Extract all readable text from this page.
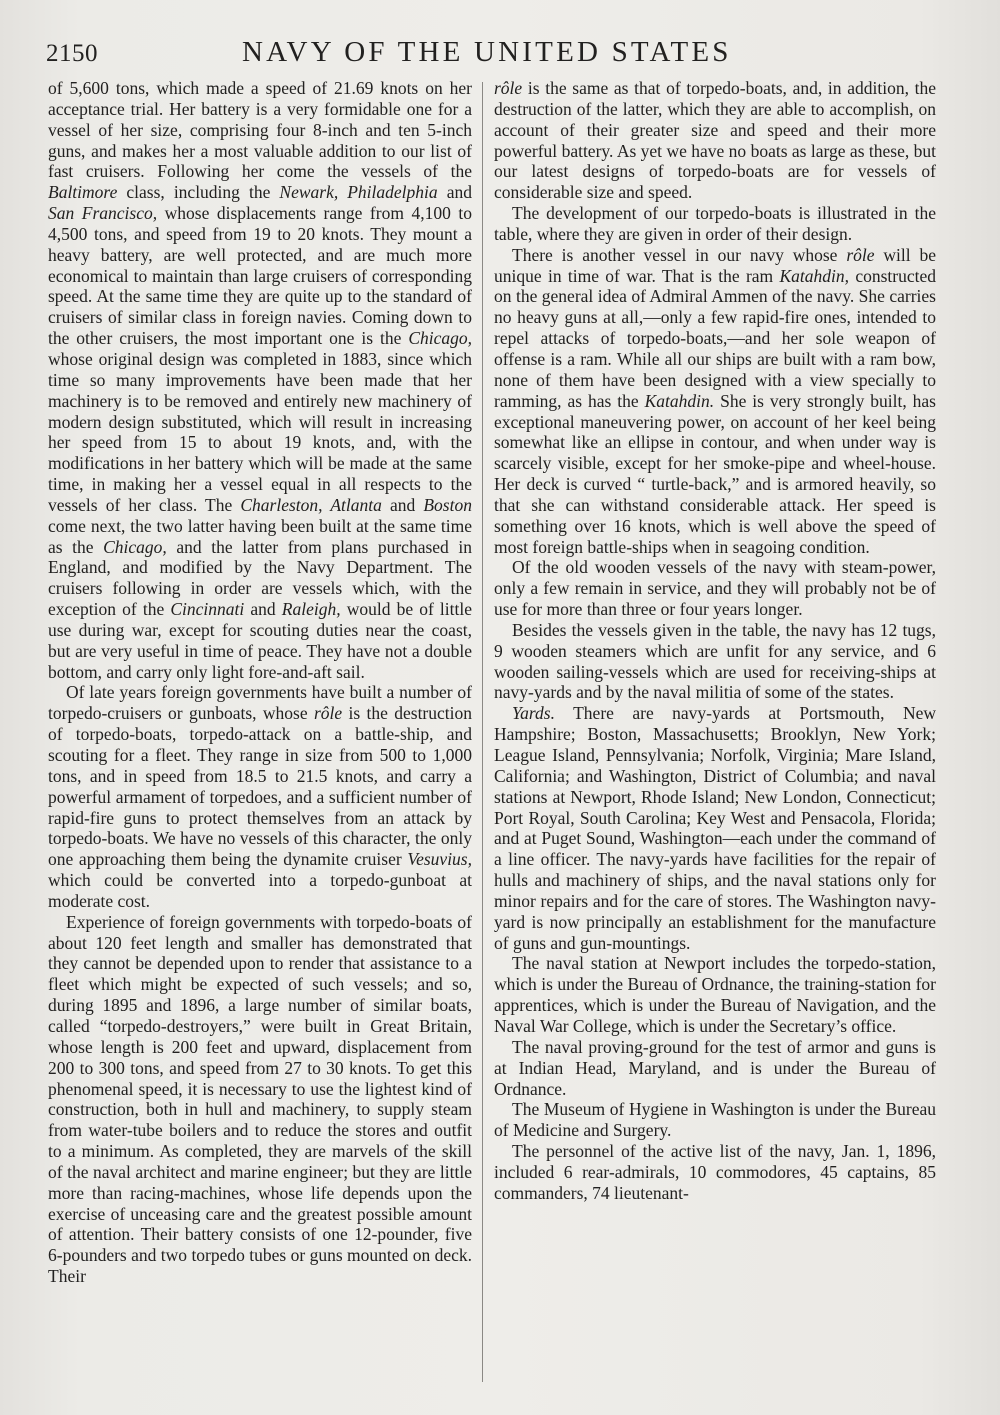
2150	NAVY OF THE UNITED STATES

of 5,600 tons, which made a speed of 21.69 knots on her acceptance trial. Her battery is a very formidable one for a vessel of her size, comprising four 8-inch and ten 5-inch guns, and makes her a most valuable addition to our list of fast cruisers. Following her come the vessels of the Baltimore class, including the Newark, Philadelphia and San Francisco, whose displacements range from 4,100 to 4,500 tons, and speed from 19 to 20 knots. They mount a heavy battery, are well protected, and are much more economical to maintain than large cruisers of corresponding speed. At the same time they are quite up to the standard of cruisers of similar class in foreign navies. Coming down to the other cruisers, the most important one is the Chicago, whose original design was completed in 1883, since which time so many improvements have been made that her machinery is to be removed and entirely new machinery of modern design substituted, which will result in increasing her speed from 15 to about 19 knots, and, with the modifications in her battery which will be made at the same time, in making her a vessel equal in all respects to the vessels of her class. The Charleston, Atlanta and Boston come next, the two latter having been built at the same time as the Chicago, and the latter from plans purchased in England, and modified by the Navy Department. The cruisers following in order are vessels which, with the exception of the Cincinnati and Raleigh, would be of little use during war, except for scouting duties near the coast, but are very useful in time of peace. They have not a double bottom, and carry only light fore-and-aft sail.

Of late years foreign governments have built a number of torpedo-cruisers or gunboats, whose rôle is the destruction of torpedo-boats, torpedo-attack on a battle-ship, and scouting for a fleet. They range in size from 500 to 1,000 tons, and in speed from 18.5 to 21.5 knots, and carry a powerful armament of torpedoes, and a sufficient number of rapid-fire guns to protect themselves from an attack by torpedo-boats. We have no vessels of this character, the only one approaching them being the dynamite cruiser Vesuvius, which could be converted into a torpedo-gunboat at moderate cost.

Experience of foreign governments with torpedo-boats of about 120 feet length and smaller has demonstrated that they cannot be depended upon to render that assistance to a fleet which might be expected of such vessels; and so, during 1895 and 1896, a large number of similar boats, called “torpedo-destroyers,” were built in Great Britain, whose length is 200 feet and upward, displacement from 200 to 300 tons, and speed from 27 to 30 knots. To get this phenomenal speed, it is necessary to use the lightest kind of construction, both in hull and machinery, to supply steam from water-tube boilers and to reduce the stores and outfit to a minimum. As completed, they are marvels of the skill of the naval architect and marine engineer; but they are little more than racing-machines, whose life depends upon the exercise of unceasing care and the greatest possible amount of attention. Their battery consists of one 12-pounder, five 6-pounders and two torpedo tubes or guns mounted on deck. Their

rôle is the same as that of torpedo-boats, and, in addition, the destruction of the latter, which they are able to accomplish, on account of their greater size and speed and their more powerful battery. As yet we have no boats as large as these, but our latest designs of torpedo-boats are for vessels of considerable size and speed.

The development of our torpedo-boats is illustrated in the table, where they are given in order of their design.

There is another vessel in our navy whose rôle will be unique in time of war. That is the ram Katahdin, constructed on the general idea of Admiral Ammen of the navy. She carries no heavy guns at all,—only a few rapid-fire ones, intended to repel attacks of torpedo-boats,—and her sole weapon of offense is a ram. While all our ships are built with a ram bow, none of them have been designed with a view specially to ramming, as has the Katahdin. She is very strongly built, has exceptional maneuvering power, on account of her keel being somewhat like an ellipse in contour, and when under way is scarcely visible, except for her smoke-pipe and wheel-house. Her deck is curved “ turtle-back,” and is armored heavily, so that she can withstand considerable attack. Her speed is something over 16 knots, which is well above the speed of most foreign battle-ships when in seagoing condition.

Of the old wooden vessels of the navy with steam-power, only a few remain in service, and they will probably not be of use for more than three or four years longer.

Besides the vessels given in the table, the navy has 12 tugs, 9 wooden steamers which are unfit for any service, and 6 wooden sailing-vessels which are used for receiving-ships at navy-yards and by the naval militia of some of the states.

Yards. There are navy-yards at Portsmouth, New Hampshire; Boston, Massachusetts; Brooklyn, New York; League Island, Pennsylvania; Norfolk, Virginia; Mare Island, California; and Washington, District of Columbia; and naval stations at Newport, Rhode Island; New London, Connecticut; Port Royal, South Carolina; Key West and Pensacola, Florida; and at Puget Sound, Washington—each under the command of a line officer. The navy-yards have facilities for the repair of hulls and machinery of ships, and the naval stations only for minor repairs and for the care of stores. The Washington navy-yard is now principally an establishment for the manufacture of guns and gun-mountings.

The naval station at Newport includes the torpedo-station, which is under the Bureau of Ordnance, the training-station for apprentices, which is under the Bureau of Navigation, and the Naval War College, which is under the Secretary’s office.

The naval proving-ground for the test of armor and guns is at Indian Head, Maryland, and is under the Bureau of Ordnance.

The Museum of Hygiene in Washington is under the Bureau of Medicine and Surgery.

The personnel of the active list of the navy, Jan. 1, 1896, included 6 rear-admirals, 10 commodores, 45 captains, 85 commanders, 74 lieutenant-
